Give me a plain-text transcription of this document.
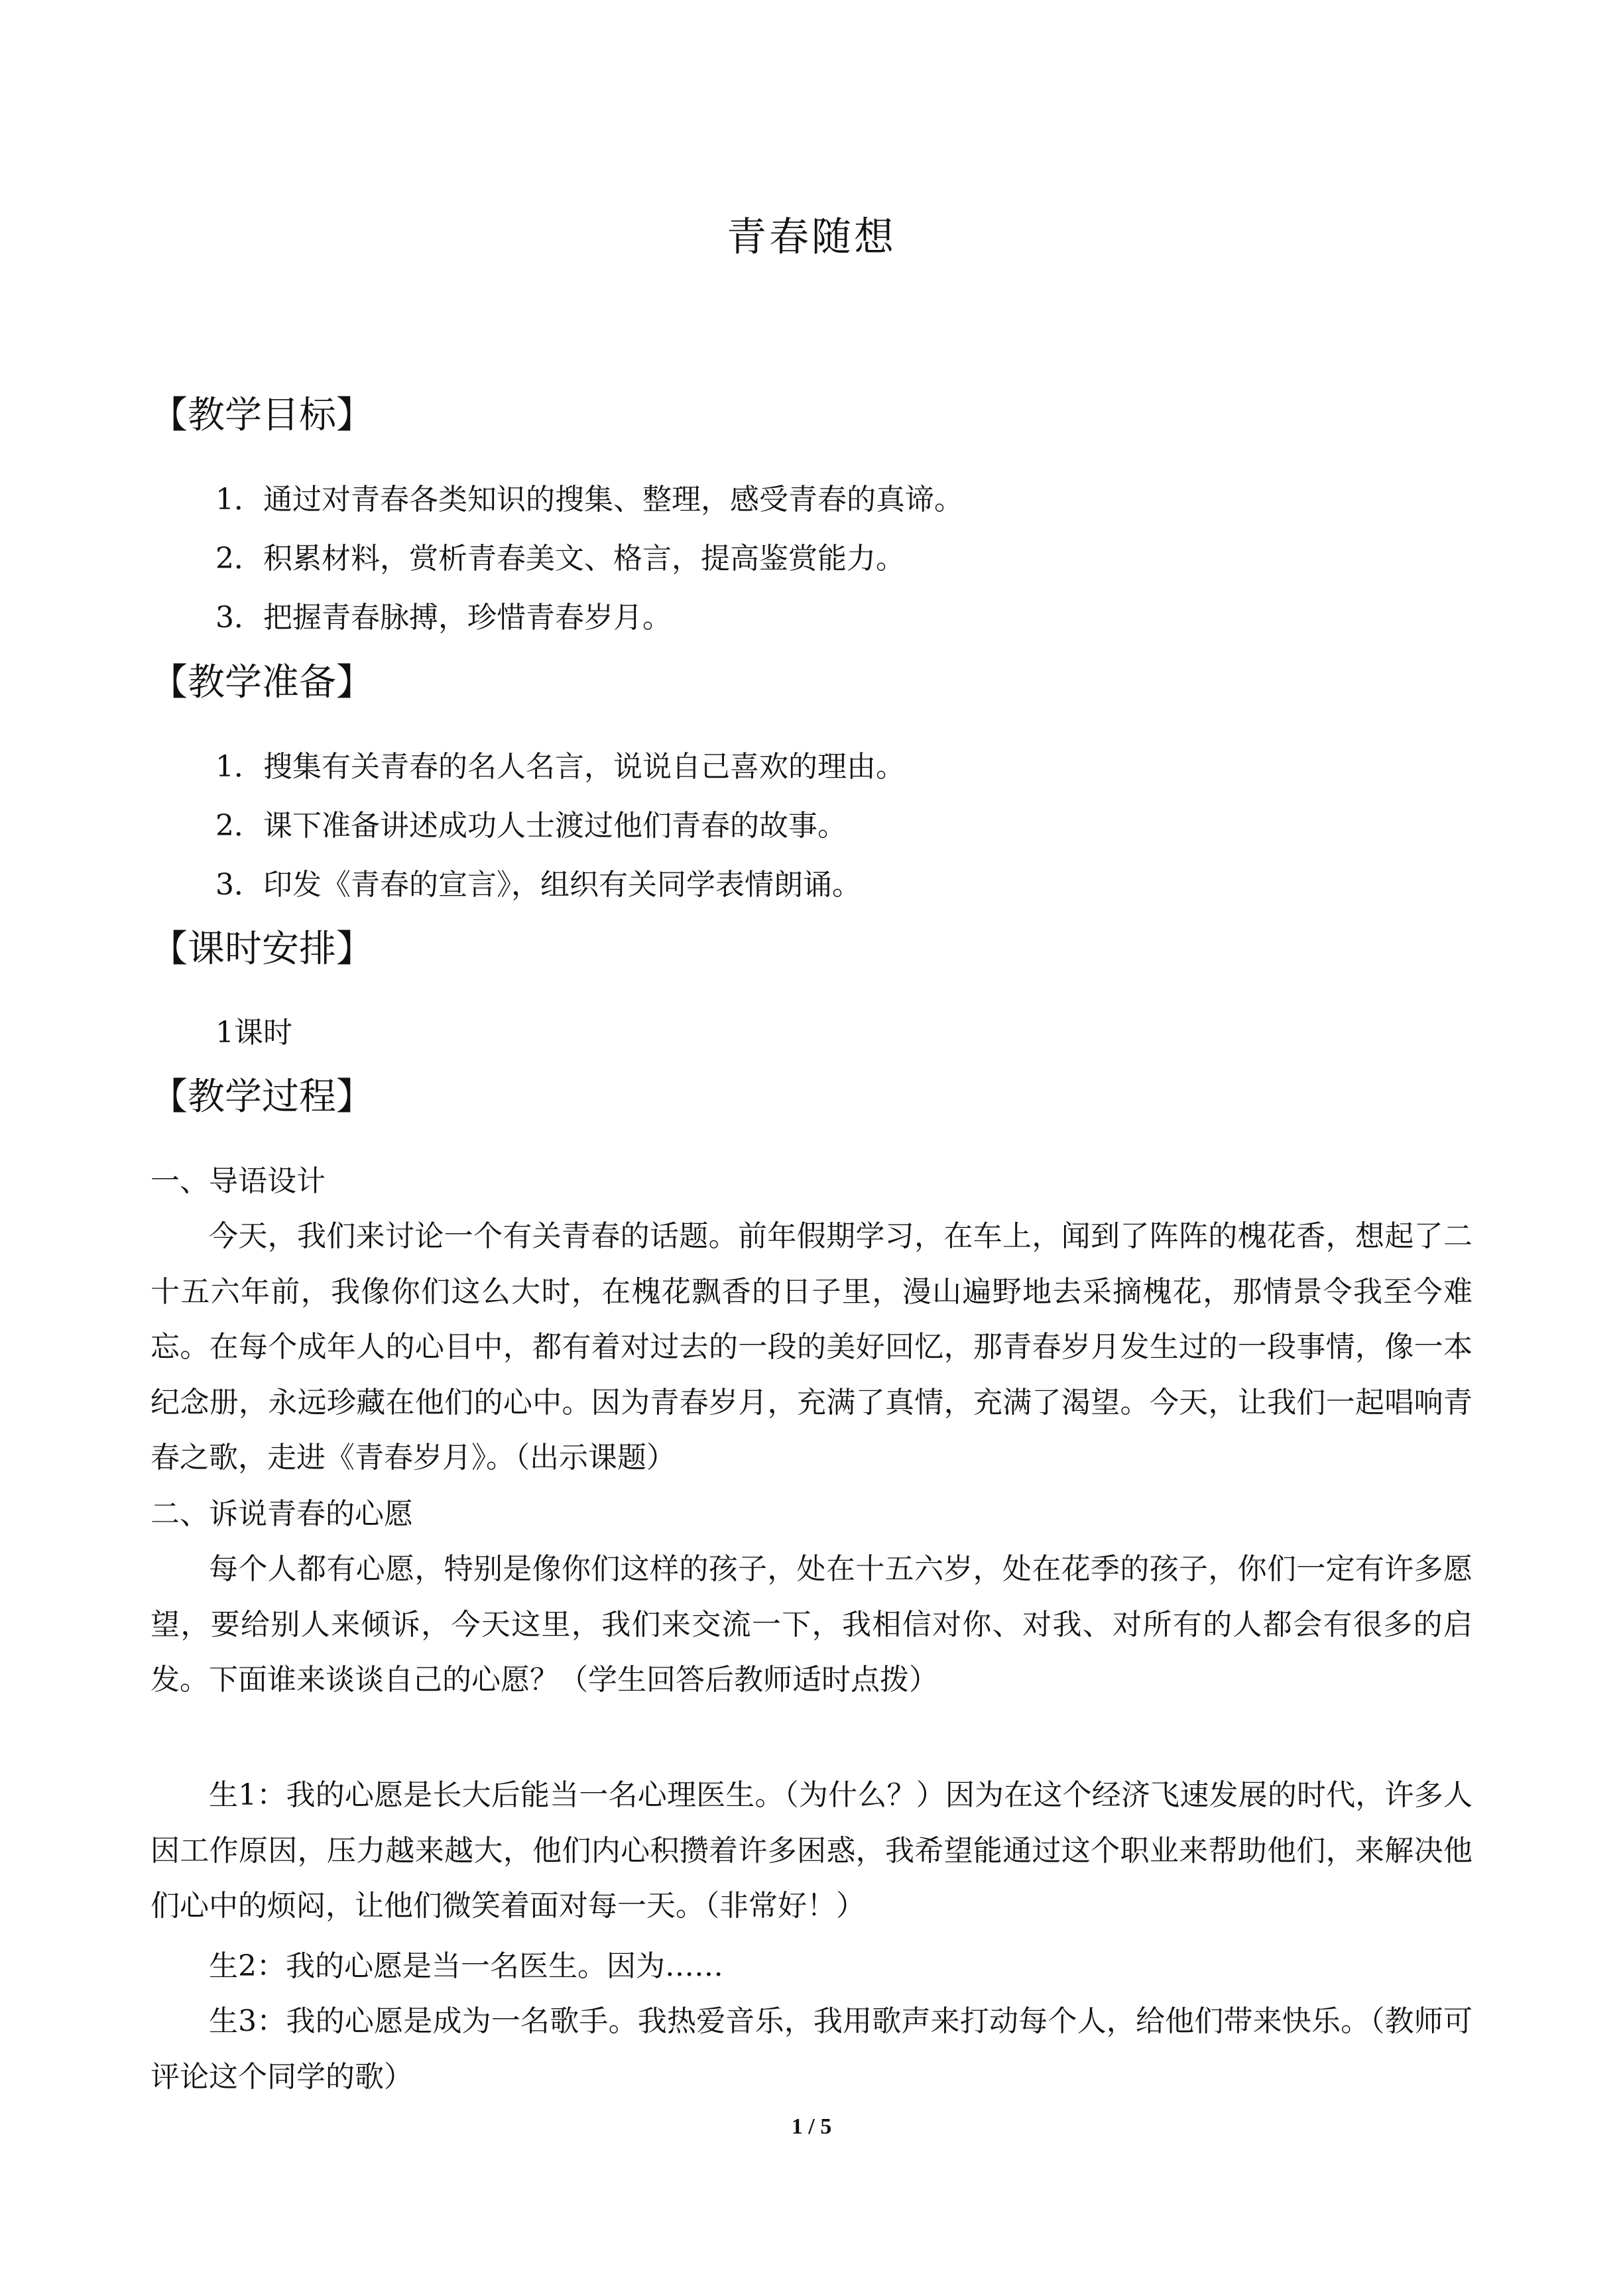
青春随想
【教学目标】
1．通过对青春各类知识的搜集、整理，感受青春的真谛。
2．积累材料，赏析青春美文、格言，提高鉴赏能力。
3．把握青春脉搏，珍惜青春岁月。
【教学准备】
1．搜集有关青春的名人名言，说说自己喜欢的理由。
2．课下准备讲述成功人士渡过他们青春的故事。
3．印发《青春的宣言》，组织有关同学表情朗诵。
【课时安排】
1课时
【教学过程】
一、导语设计

今天，我们来讨论一个有关青春的话题。前年假期学习，在车上，闻到了阵阵的槐花香，想起了二十五六年前，我像你们这么大时，在槐花飘香的日子里，漫山遍野地去采摘槐花，那情景令我至今难忘。在每个成年人的心目中，都有着对过去的一段的美好回忆，那青春岁月发生过的一段事情，像一本纪念册，永远珍藏在他们的心中。因为青春岁月，充满了真情，充满了渴望。今天，让我们一起唱响青春之歌，走进《青春岁月》。（出示课题）

二、诉说青春的心愿

每个人都有心愿，特别是像你们这样的孩子，处在十五六岁，处在花季的孩子，你们一定有许多愿望，要给别人来倾诉，今天这里，我们来交流一下，我相信对你、对我、对所有的人都会有很多的启发。下面谁来谈谈自己的心愿？（学生回答后教师适时点拨）

生1：我的心愿是长大后能当一名心理医生。（为什么？）因为在这个经济飞速发展的时代，许多人因工作原因，压力越来越大，他们内心积攒着许多困惑，我希望能通过这个职业来帮助他们，来解决他们心中的烦闷，让他们微笑着面对每一天。（非常好！）

生2：我的心愿是当一名医生。因为……

生3：我的心愿是成为一名歌手。我热爱音乐，我用歌声来打动每个人，给他们带来快乐。（教师可评论这个同学的歌）

1 / 5
